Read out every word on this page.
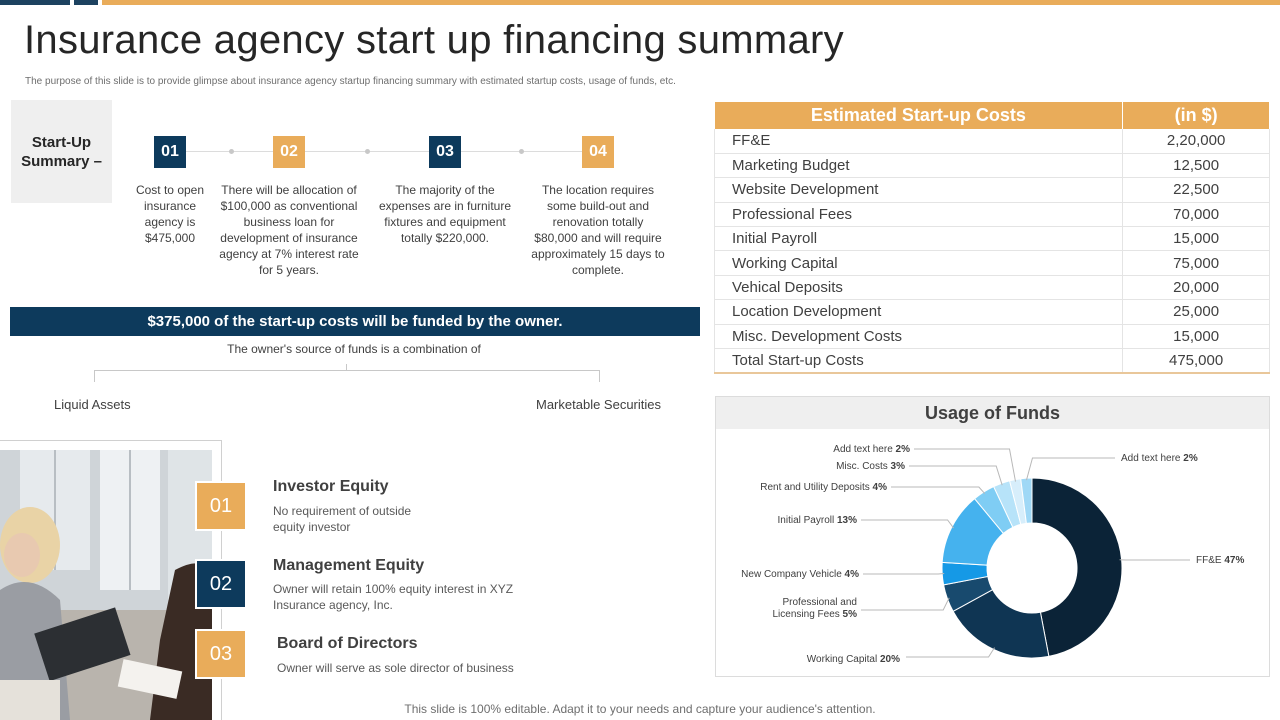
Insurance agency start up financing summary
The purpose of this slide is to provide glimpse about insurance agency startup financing summary with estimated startup costs, usage of funds, etc.
Start-Up Summary –
01	02	03	04
Cost to open insurance agency is $475,000
There will be allocation of $100,000 as conventional business loan for development of insurance agency at 7% interest rate for 5 years.
The majority of the expenses are in furniture fixtures and equipment totally $220,000.
The location requires some build-out and renovation totally $80,000 and will require approximately 15 days to complete.
$375,000 of the start-up costs will be funded by the owner.
The owner's source of funds is a combination of
Liquid Assets	Marketable Securities
01
02
03
Investor Equity
No requirement of outside equity investor
Management Equity
Owner will retain 100% equity interest in XYZ Insurance agency, Inc.
Board of Directors
Owner will serve as sole director of business
Estimated Start-up Costs	(in $)
FF&E	2,20,000
Marketing Budget	12,500
Website Development	22,500
Professional Fees	70,000
Initial Payroll	15,000
Working Capital	75,000
Vehical Deposits	20,000
Location Development	25,000
Misc. Development Costs	15,000
Total Start-up Costs	475,000
Usage of Funds
FF&E 47%
Working Capital 20%
Professional and
Licensing Fees 5%
New Company Vehicle 4%
Initial Payroll 13%
Rent and Utility Deposits 4%
Misc. Costs 3%
Add text here 2%
Add text here 2%
This slide is 100% editable. Adapt it to your needs and capture your audience's attention.
